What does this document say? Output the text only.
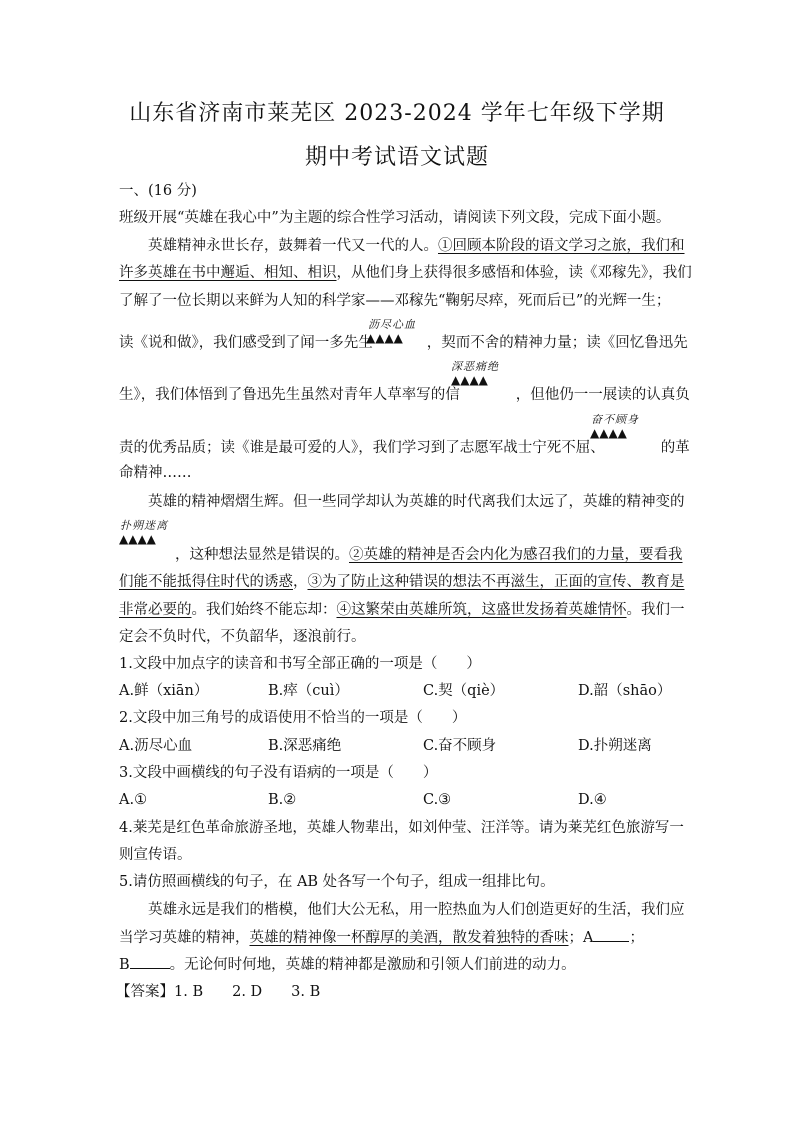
山东省济南市莱芜区 2023-2024 学年七年级下学期
期中考试语文试题
一、(16 分)
班级开展“英雄在我心中”为主题的综合性学习活动，请阅读下列文段，完成下面小题。
英雄精神永世长存，鼓舞着一代又一代的人。①回顾本阶段的语文学习之旅，我们和
许多英雄在书中邂逅、相知、相识，从他们身上获得很多感悟和体验，读《邓稼先》，我们
了解了一位长期以来鲜为人知的科学家——邓稼先“鞠躬尽瘁，死而后已”的光辉一生；
沥尽心血
▲▲▲▲
读《说和做》，我们感受到了闻一多先生	，契而不舍的精神力量；读《回忆鲁迅先
深恶痛绝
▲▲▲▲
生》，我们体悟到了鲁迅先生虽然对青年人草率写的信	，但他仍一一展读的认真负
奋不顾身
▲▲▲▲
责的优秀品质；读《谁是最可爱的人》，我们学习到了志愿军战士宁死不屈、	的革
命精神……
英雄的精神熠熠生辉。但一些同学却认为英雄的时代离我们太远了，英雄的精神变的
扑朔迷离
▲▲▲▲
，这种想法显然是错误的。②英雄的精神是否会内化为感召我们的力量，要看我
们能不能抵得住时代的诱惑，③为了防止这种错误的想法不再滋生，正面的宣传、教育是
非常必要的。我们始终不能忘却：④这繁荣由英雄所筑，这盛世发扬着英雄情怀。我们一
定会不负时代，不负韶华，逐浪前行。
1.文段中加点字的读音和书写全部正确的一项是（　　）
A.鲜（xiān）	B.瘁（cuì）	C.契（qiè）	D.韶（shāo）
2.文段中加三角号的成语使用不恰当的一项是（　　）
A.沥尽心血	B.深恶痛绝	C.奋不顾身	D.扑朔迷离
3.文段中画横线的句子没有语病的一项是（　　）
A.①	B.②	C.③	D.④
4.莱芜是红色革命旅游圣地，英雄人物辈出，如刘仲莹、汪洋等。请为莱芜红色旅游写一
则宣传语。
5.请仿照画横线的句子，在 AB 处各写一个句子，组成一组排比句。
英雄永远是我们的楷模，他们大公无私，用一腔热血为人们创造更好的生活，我们应
当学习英雄的精神，英雄的精神像一杯醇厚的美酒，散发着独特的香味；A ；
B	。无论何时何地，英雄的精神都是激励和引领人们前进的动力。
【答案】1. B　　2. D　　3. B
